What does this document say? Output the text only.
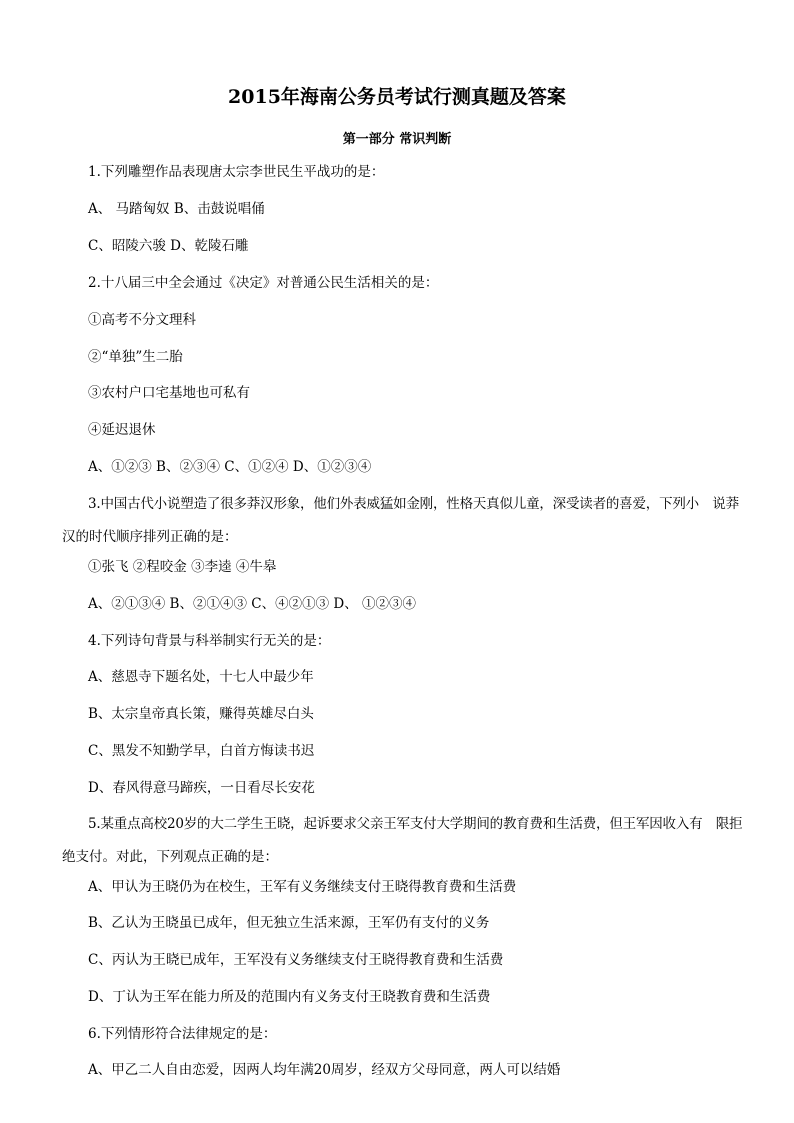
2015年海南公务员考试行测真题及答案
第一部分 常识判断
1.下列雕塑作品表现唐太宗李世民生平战功的是：
A、 马踏匈奴 B、击鼓说唱俑
C、昭陵六骏 D、乾陵石雕
2.十八届三中全会通过《决定》对普通公民生活相关的是：
①高考不分文理科
②“单独”生二胎
③农村户口宅基地也可私有
④延迟退休
A、①②③ B、②③④ C、①②④ D、①②③④
3.中国古代小说塑造了很多莽汉形象，他们外表威猛如金刚，性格天真似儿童，深受读者的喜爱，下列小　说莽
汉的时代顺序排列正确的是：
①张飞 ②程咬金 ③李逵 ④牛皋
A、②①③④ B、②①④③ C、④②①③ D、 ①②③④
4.下列诗句背景与科举制实行无关的是：
A、慈恩寺下题名处，十七人中最少年
B、太宗皇帝真长策，赚得英雄尽白头
C、黑发不知勤学早，白首方悔读书迟
D、春风得意马蹄疾，一日看尽长安花
5.某重点高校20岁的大二学生王晓，起诉要求父亲王军支付大学期间的教育费和生活费，但王军因收入有　限拒
绝支付。对此，下列观点正确的是：
A、甲认为王晓仍为在校生，王军有义务继续支付王晓得教育费和生活费
B、乙认为王晓虽已成年，但无独立生活来源，王军仍有支付的义务
C、丙认为王晓已成年，王军没有义务继续支付王晓得教育费和生活费
D、丁认为王军在能力所及的范围内有义务支付王晓教育费和生活费
6.下列情形符合法律规定的是：
A、甲乙二人自由恋爱，因两人均年满20周岁，经双方父母同意，两人可以结婚
